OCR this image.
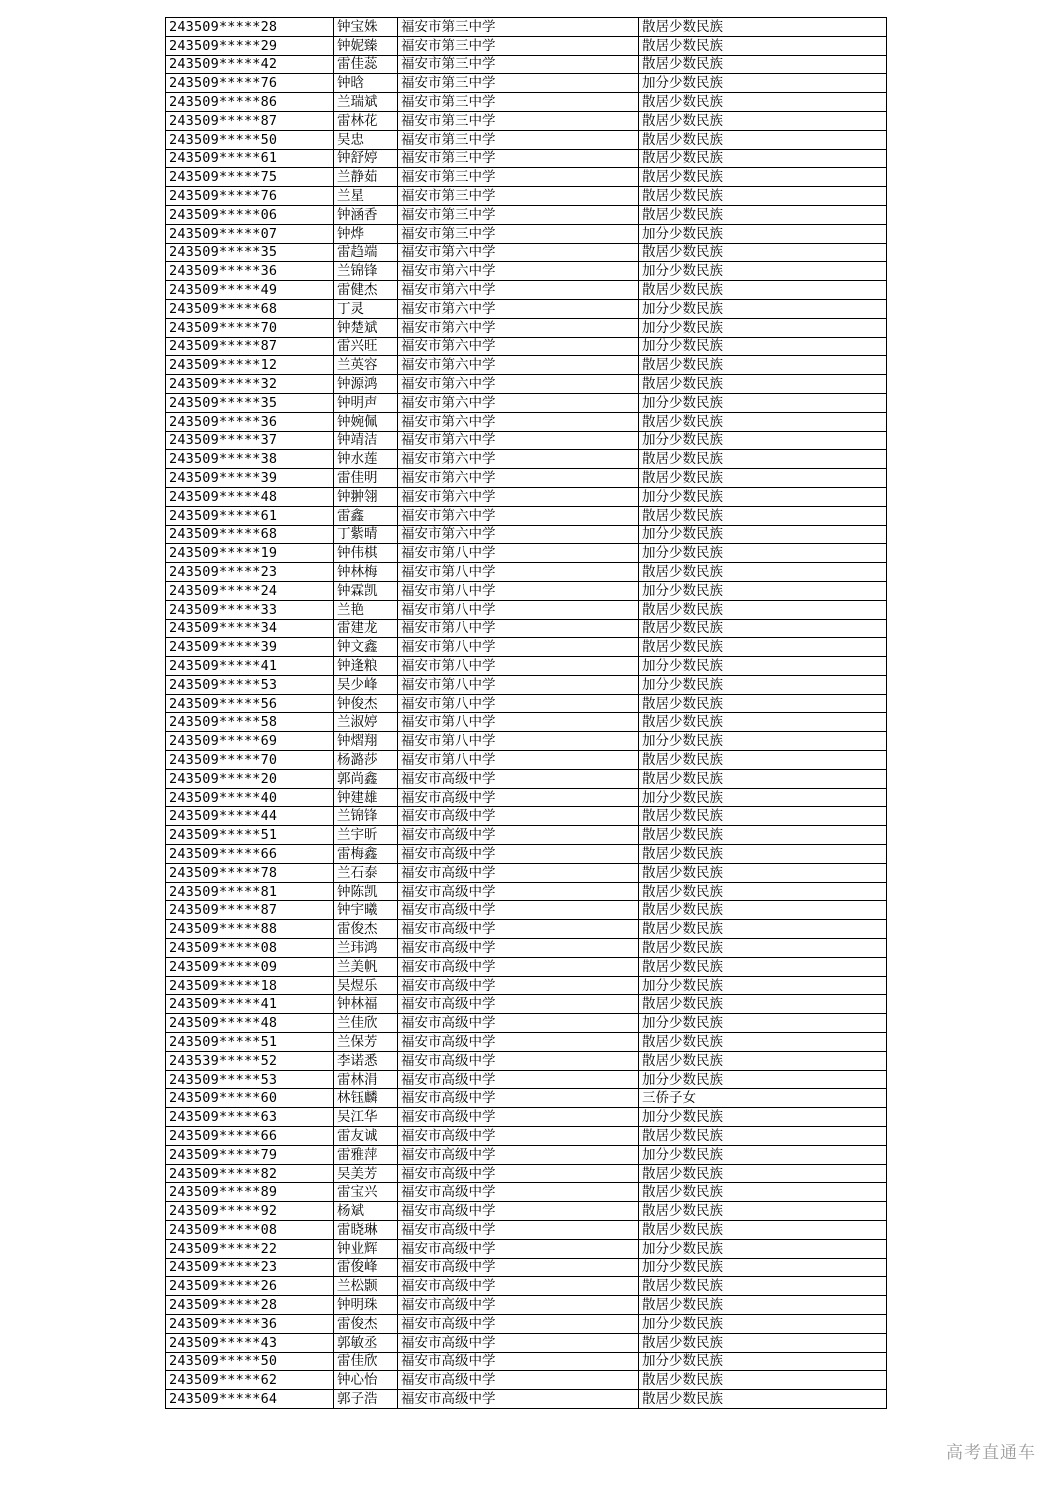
243509*****28	钟宝姝	福安市第三中学	散居少数民族
243509*****29	钟妮臻	福安市第三中学	散居少数民族
243509*****42	雷佳蕊	福安市第三中学	散居少数民族
243509*****76	钟晗	福安市第三中学	加分少数民族
243509*****86	兰瑞斌	福安市第三中学	散居少数民族
243509*****87	雷林花	福安市第三中学	散居少数民族
243509*****50	吴忠	福安市第三中学	散居少数民族
243509*****61	钟舒婷	福安市第三中学	散居少数民族
243509*****75	兰静茹	福安市第三中学	散居少数民族
243509*****76	兰星	福安市第三中学	散居少数民族
243509*****06	钟涵香	福安市第三中学	散居少数民族
243509*****07	钟烨	福安市第三中学	加分少数民族
243509*****35	雷趋端	福安市第六中学	散居少数民族
243509*****36	兰锦锋	福安市第六中学	加分少数民族
243509*****49	雷健杰	福安市第六中学	散居少数民族
243509*****68	丁灵	福安市第六中学	加分少数民族
243509*****70	钟楚斌	福安市第六中学	加分少数民族
243509*****87	雷兴旺	福安市第六中学	加分少数民族
243509*****12	兰英容	福安市第六中学	散居少数民族
243509*****32	钟源鸿	福安市第六中学	散居少数民族
243509*****35	钟明声	福安市第六中学	加分少数民族
243509*****36	钟婉佩	福安市第六中学	散居少数民族
243509*****37	钟靖洁	福安市第六中学	加分少数民族
243509*****38	钟水莲	福安市第六中学	散居少数民族
243509*****39	雷佳明	福安市第六中学	散居少数民族
243509*****48	钟翀翎	福安市第六中学	加分少数民族
243509*****61	雷鑫	福安市第六中学	散居少数民族
243509*****68	丁紫晴	福安市第六中学	加分少数民族
243509*****19	钟伟棋	福安市第八中学	加分少数民族
243509*****23	钟林梅	福安市第八中学	散居少数民族
243509*****24	钟霖凯	福安市第八中学	加分少数民族
243509*****33	兰艳	福安市第八中学	散居少数民族
243509*****34	雷建龙	福安市第八中学	散居少数民族
243509*****39	钟文鑫	福安市第八中学	散居少数民族
243509*****41	钟逢粮	福安市第八中学	加分少数民族
243509*****53	吴少峰	福安市第八中学	加分少数民族
243509*****56	钟俊杰	福安市第八中学	散居少数民族
243509*****58	兰淑婷	福安市第八中学	散居少数民族
243509*****69	钟熠翔	福安市第八中学	加分少数民族
243509*****70	杨潞莎	福安市第八中学	散居少数民族
243509*****20	郭尚鑫	福安市高级中学	散居少数民族
243509*****40	钟建雄	福安市高级中学	加分少数民族
243509*****44	兰锦锋	福安市高级中学	散居少数民族
243509*****51	兰宇昕	福安市高级中学	散居少数民族
243509*****66	雷梅鑫	福安市高级中学	散居少数民族
243509*****78	兰石泰	福安市高级中学	散居少数民族
243509*****81	钟陈凯	福安市高级中学	散居少数民族
243509*****87	钟宇曦	福安市高级中学	散居少数民族
243509*****88	雷俊杰	福安市高级中学	散居少数民族
243509*****08	兰玮鸿	福安市高级中学	散居少数民族
243509*****09	兰美帆	福安市高级中学	散居少数民族
243509*****18	吴煜乐	福安市高级中学	加分少数民族
243509*****41	钟林福	福安市高级中学	散居少数民族
243509*****48	兰佳欣	福安市高级中学	加分少数民族
243509*****51	兰保芳	福安市高级中学	散居少数民族
243539*****52	李诺悉	福安市高级中学	散居少数民族
243509*****53	雷林涓	福安市高级中学	加分少数民族
243509*****60	林钰麟	福安市高级中学	三侨子女
243509*****63	吴江华	福安市高级中学	加分少数民族
243509*****66	雷友诚	福安市高级中学	散居少数民族
243509*****79	雷雅萍	福安市高级中学	加分少数民族
243509*****82	吴美芳	福安市高级中学	散居少数民族
243509*****89	雷宝兴	福安市高级中学	散居少数民族
243509*****92	杨斌	福安市高级中学	散居少数民族
243509*****08	雷晓琳	福安市高级中学	散居少数民族
243509*****22	钟业辉	福安市高级中学	加分少数民族
243509*****23	雷俊峰	福安市高级中学	加分少数民族
243509*****26	兰松颢	福安市高级中学	散居少数民族
243509*****28	钟明珠	福安市高级中学	散居少数民族
243509*****36	雷俊杰	福安市高级中学	加分少数民族
243509*****43	郭敏丞	福安市高级中学	散居少数民族
243509*****50	雷佳欣	福安市高级中学	加分少数民族
243509*****62	钟心怡	福安市高级中学	散居少数民族
243509*****64	郭子浩	福安市高级中学	散居少数民族
高考直通车
